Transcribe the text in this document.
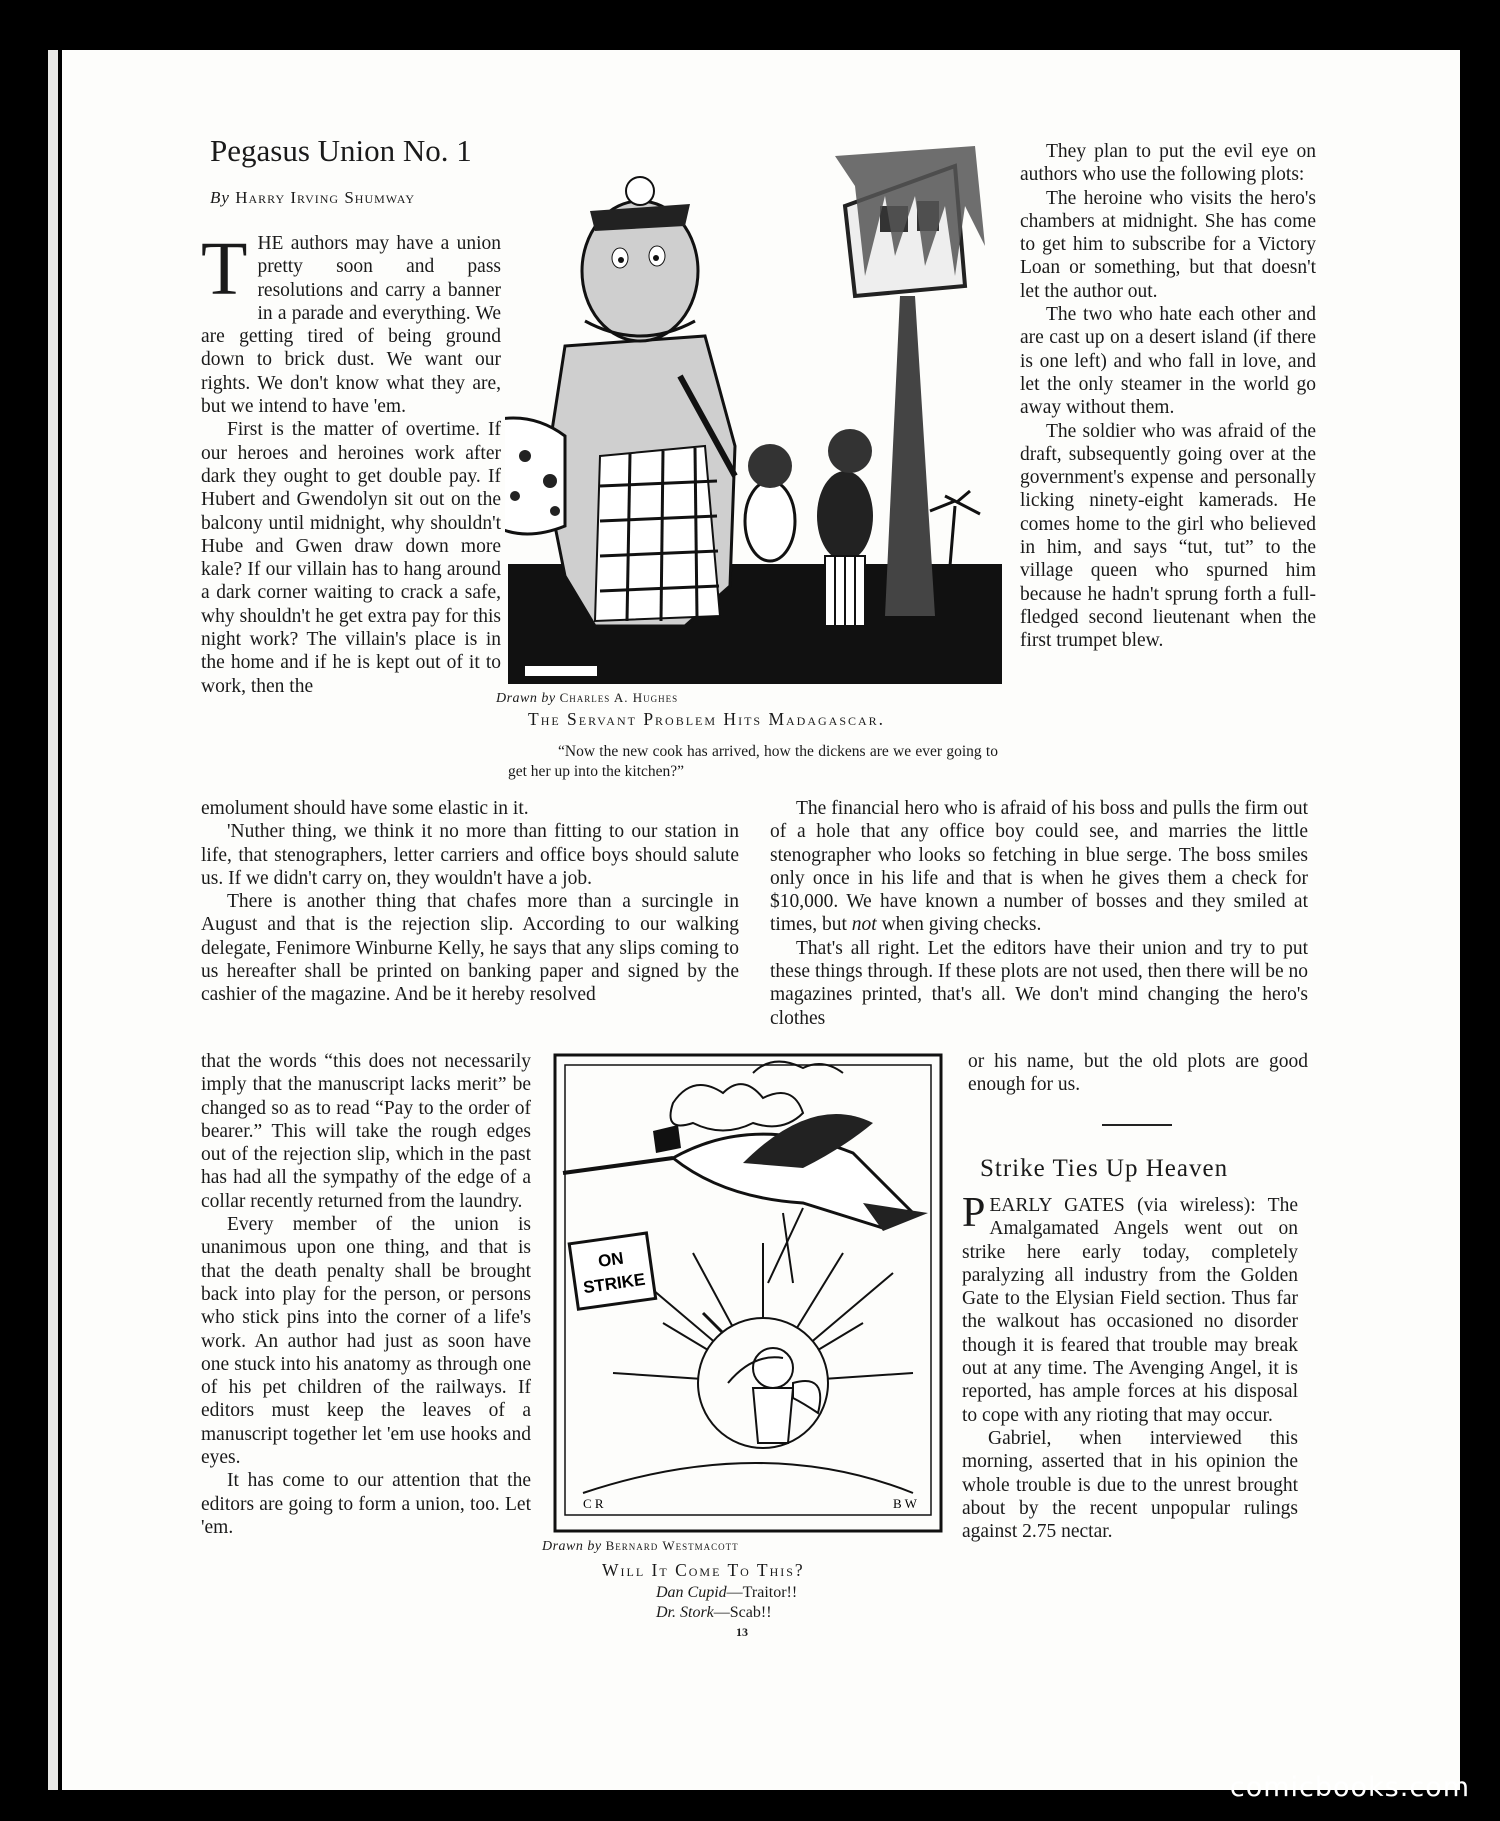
Pegasus Union No. 1
By Harry Irving Shumway

THE authors may have a union pretty soon and pass resolutions and carry a banner in a parade and everything. We are getting tired of being ground down to brick dust. We want our rights. We don't know what they are, but we intend to have 'em.

First is the matter of overtime. If our heroes and heroines work after dark they ought to get double pay. If Hubert and Gwendolyn sit out on the balcony until midnight, why shouldn't Hube and Gwen draw down more kale? If our villain has to hang around a dark corner waiting to crack a safe, why shouldn't he get extra pay for this night work? The villain's place is in the home and if he is kept out of it to work, then the

emolument should have some elastic in it.

'Nuther thing, we think it no more than fitting to our station in life, that stenographers, letter carriers and office boys should salute us. If we didn't carry on, they wouldn't have a job.

There is another thing that chafes more than a surcingle in August and that is the rejection slip. According to our walking delegate, Fenimore Winburne Kelly, he says that any slips coming to us hereafter shall be printed on banking paper and signed by the cashier of the magazine. And be it hereby resolved

that the words “this does not necessarily imply that the manuscript lacks merit” be changed so as to read “Pay to the order of bearer.” This will take the rough edges out of the rejection slip, which in the past has had all the sympathy of the edge of a collar recently returned from the laundry.

Every member of the union is unanimous upon one thing, and that is that the death penalty shall be brought back into play for the person, or persons who stick pins into the corner of a life's work. An author had just as soon have one stuck into his anatomy as through one of his pet children of the railways. If editors must keep the leaves of a manuscript together let 'em use hooks and eyes.

It has come to our attention that the editors are going to form a union, too. Let 'em.

They plan to put the evil eye on authors who use the following plots:

The heroine who visits the hero's chambers at midnight. She has come to get him to subscribe for a Victory Loan or something, but that doesn't let the author out.

The two who hate each other and are cast up on a desert island (if there is one left) and who fall in love, and let the only steamer in the world go away without them.

The soldier who was afraid of the draft, subsequently going over at the government's expense and personally licking ninety-eight kamerads. He comes home to the girl who believed in him, and says “tut, tut” to the village queen who spurned him because he hadn't sprung forth a full-fledged second lieutenant when the first trumpet blew.

The financial hero who is afraid of his boss and pulls the firm out of a hole that any office boy could see, and marries the little stenographer who looks so fetching in blue serge. The boss smiles only once in his life and that is when he gives them a check for $10,000. We have known a number of bosses and they smiled at times, but not when giving checks.

That's all right. Let the editors have their union and try to put these things through. If these plots are not used, then there will be no magazines printed, that's all. We don't mind changing the hero's clothes

or his name, but the old plots are good enough for us.

Strike Ties Up Heaven

PEARLY GATES (via wireless): The Amalgamated Angels went out on strike here early today, completely paralyzing all industry from the Golden Gate to the Elysian Field section. Thus far the walkout has occasioned no disorder though it is feared that trouble may break out at any time. The Avenging Angel, it is reported, has ample forces at his disposal to cope with any rioting that may occur.

Gabriel, when interviewed this morning, asserted that in his opinion the whole trouble is due to the unrest brought about by the recent unpopular rulings against 2.75 nectar.

Drawn by Charles A. Hughes
The Servant Problem Hits Madagascar.
“Now the new cook has arrived, how the dickens are we ever going to get her up into the kitchen?”
ON
STRIKE
C R	B W
Drawn by Bernard Westmacott
Will It Come To This?
Dan Cupid—Traitor!!
Dr. Stork—Scab!!
13
comicbooks.com
